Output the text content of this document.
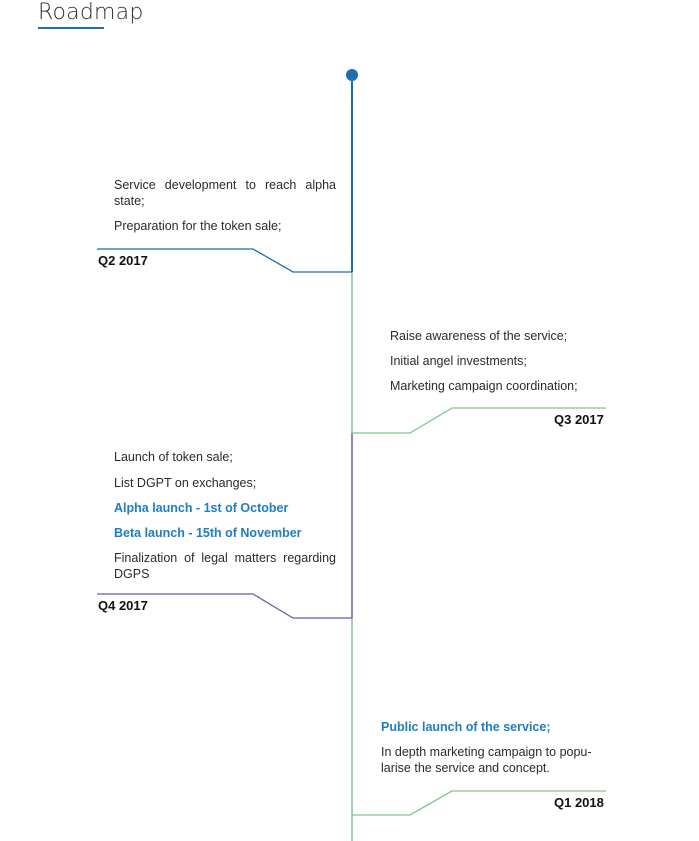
Roadmap
Service development to reach alpha state;
Preparation for the token sale;
Q2 2017
Raise awareness of the service;
Initial angel investments;
Marketing campaign coordination;
Q3 2017
Launch of token sale;
List DGPT on exchanges;
Alpha launch - 1st of October
Beta launch - 15th of November
Finalization of legal matters regarding DGPS
Q4 2017
Public launch of the service;
In depth marketing campaign to popu- larise the service and concept.
Q1 2018
